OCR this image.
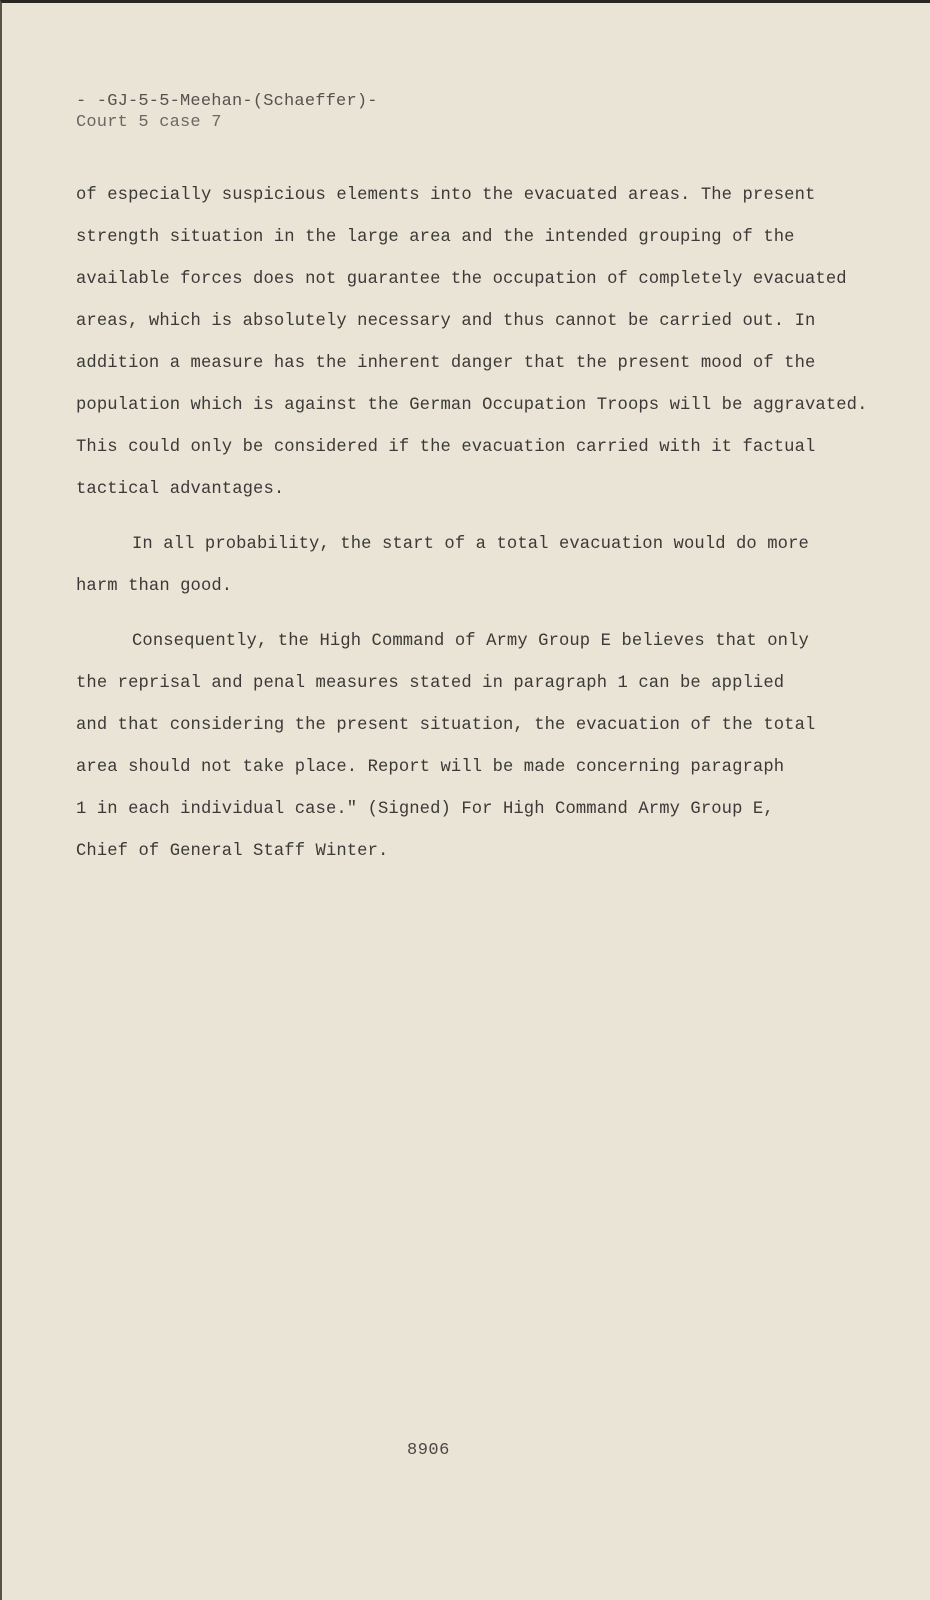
- -GJ-5-5-Meehan-(Schaeffer)-
Court 5 case 7
of especially suspicious elements into the evacuated areas. The present
strength situation in the large area and the intended grouping of the
available forces does not guarantee the occupation of completely evacuated
areas, which is absolutely necessary and thus cannot be carried out. In
addition a measure has the inherent danger that the present mood of the
population which is against the German Occupation Troops will be aggravated.
This could only be considered if the evacuation carried with it factual
tactical advantages.
In all probability, the start of a total evacuation would do more
harm than good.
Consequently, the High Command of Army Group E believes that only
the reprisal and penal measures stated in paragraph 1 can be applied
and that considering the present situation, the evacuation of the total
area should not take place. Report will be made concerning paragraph
1 in each individual case." (Signed) For High Command Army Group E,
Chief of General Staff Winter.
8906
